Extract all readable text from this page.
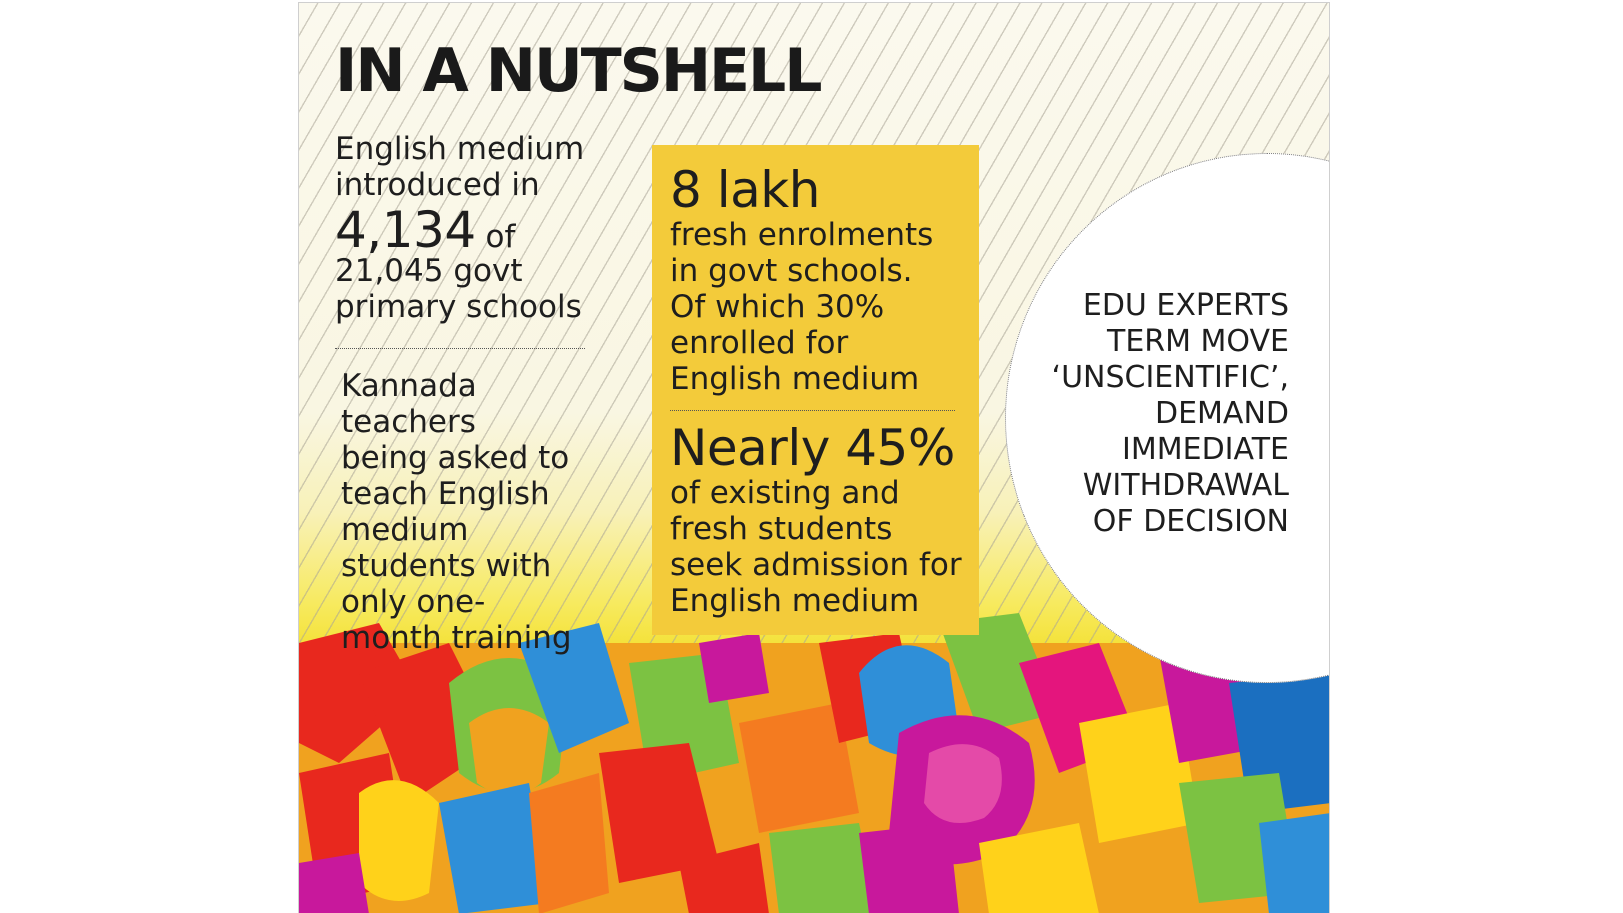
IN A NUTSHELL
English medium
introduced in
4,134 of
21,045 govt
primary schools
Kannada
teachers
being asked to
teach English
medium
students with
only one-
month training
8 lakh
fresh enrolments
in govt schools.
Of which 30%
enrolled for
English medium
Nearly 45%
of existing and
fresh students
seek admission for
English medium
EDU EXPERTS
TERM MOVE
‘UNSCIENTIFIC’,
DEMAND
IMMEDIATE
WITHDRAWAL
OF DECISION
